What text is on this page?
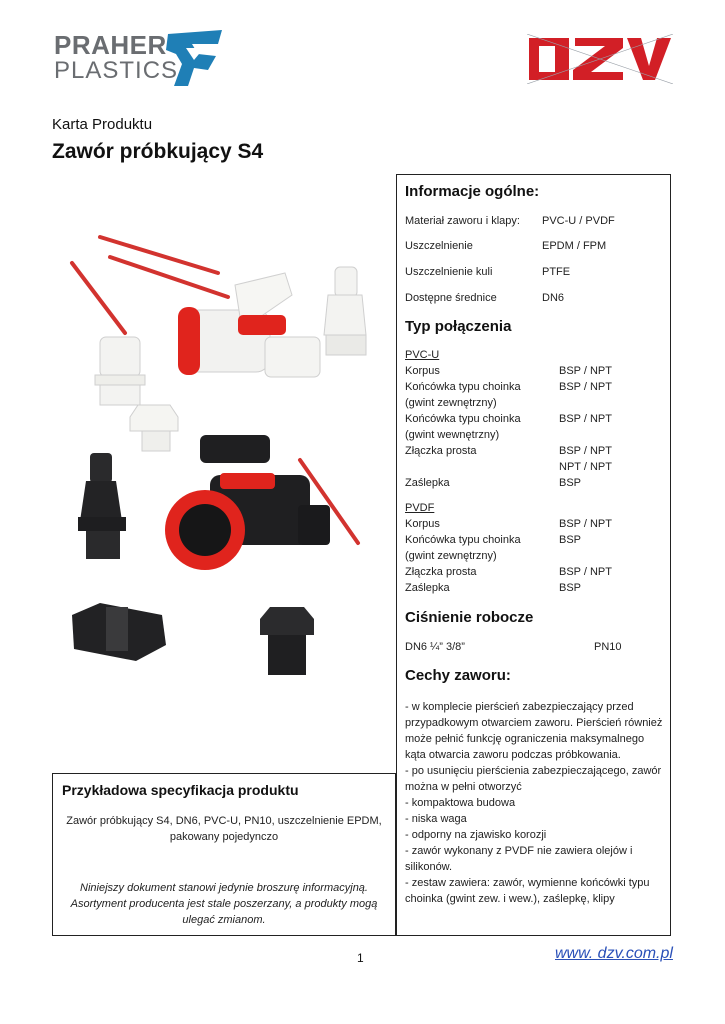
PRAHER
PLASTICS
Karta Produktu
Zawór próbkujący S4
Informacje ogólne:
Materiał zaworu i klapy: PVC-U / PVDF
Uszczelnienie	EPDM / FPM
Uszczelnienie kuli	PTFE
Dostępne średnice	DN6
Typ połączenia
PVC-U
Korpus	BSP / NPT
Końcówka typu choinka	BSP / NPT
(gwint zewnętrzny)
Końcówka typu choinka	BSP / NPT
(gwint wewnętrzny)
Złączka prosta	BSP / NPT
NPT / NPT
Zaślepka	BSP
PVDF
Korpus	BSP / NPT
Końcówka typu choinka	BSP
(gwint zewnętrzny)
Złączka prosta	BSP / NPT
Zaślepka	BSP
Ciśnienie robocze
DN6 ¼” 3/8”	PN10
Cechy zaworu:
- w komplecie pierścień zabezpieczający przed przypadkowym otwarciem zaworu. Pierścień również może pełnić funkcję ograniczenia maksymalnego kąta otwarcia zaworu podczas próbkowania.
- po usunięciu pierścienia zabezpieczającego, zawór można w pełni otworzyć
- kompaktowa budowa
- niska waga
- odporny na zjawisko korozji
- zawór wykonany z PVDF nie zawiera olejów i silikonów.
- zestaw zawiera: zawór, wymienne końcówki typu choinka (gwint zew. i wew.), zaślepkę, klipy
Przykładowa specyfikacja produktu
Zawór próbkujący S4, DN6, PVC-U, PN10, uszczelnienie EPDM, pakowany pojedynczo
Niniejszy dokument stanowi jedynie broszurę informacyjną. Asortyment producenta jest stale poszerzany, a produkty mogą ulegać zmianom.
1	www. dzv.com.pl
